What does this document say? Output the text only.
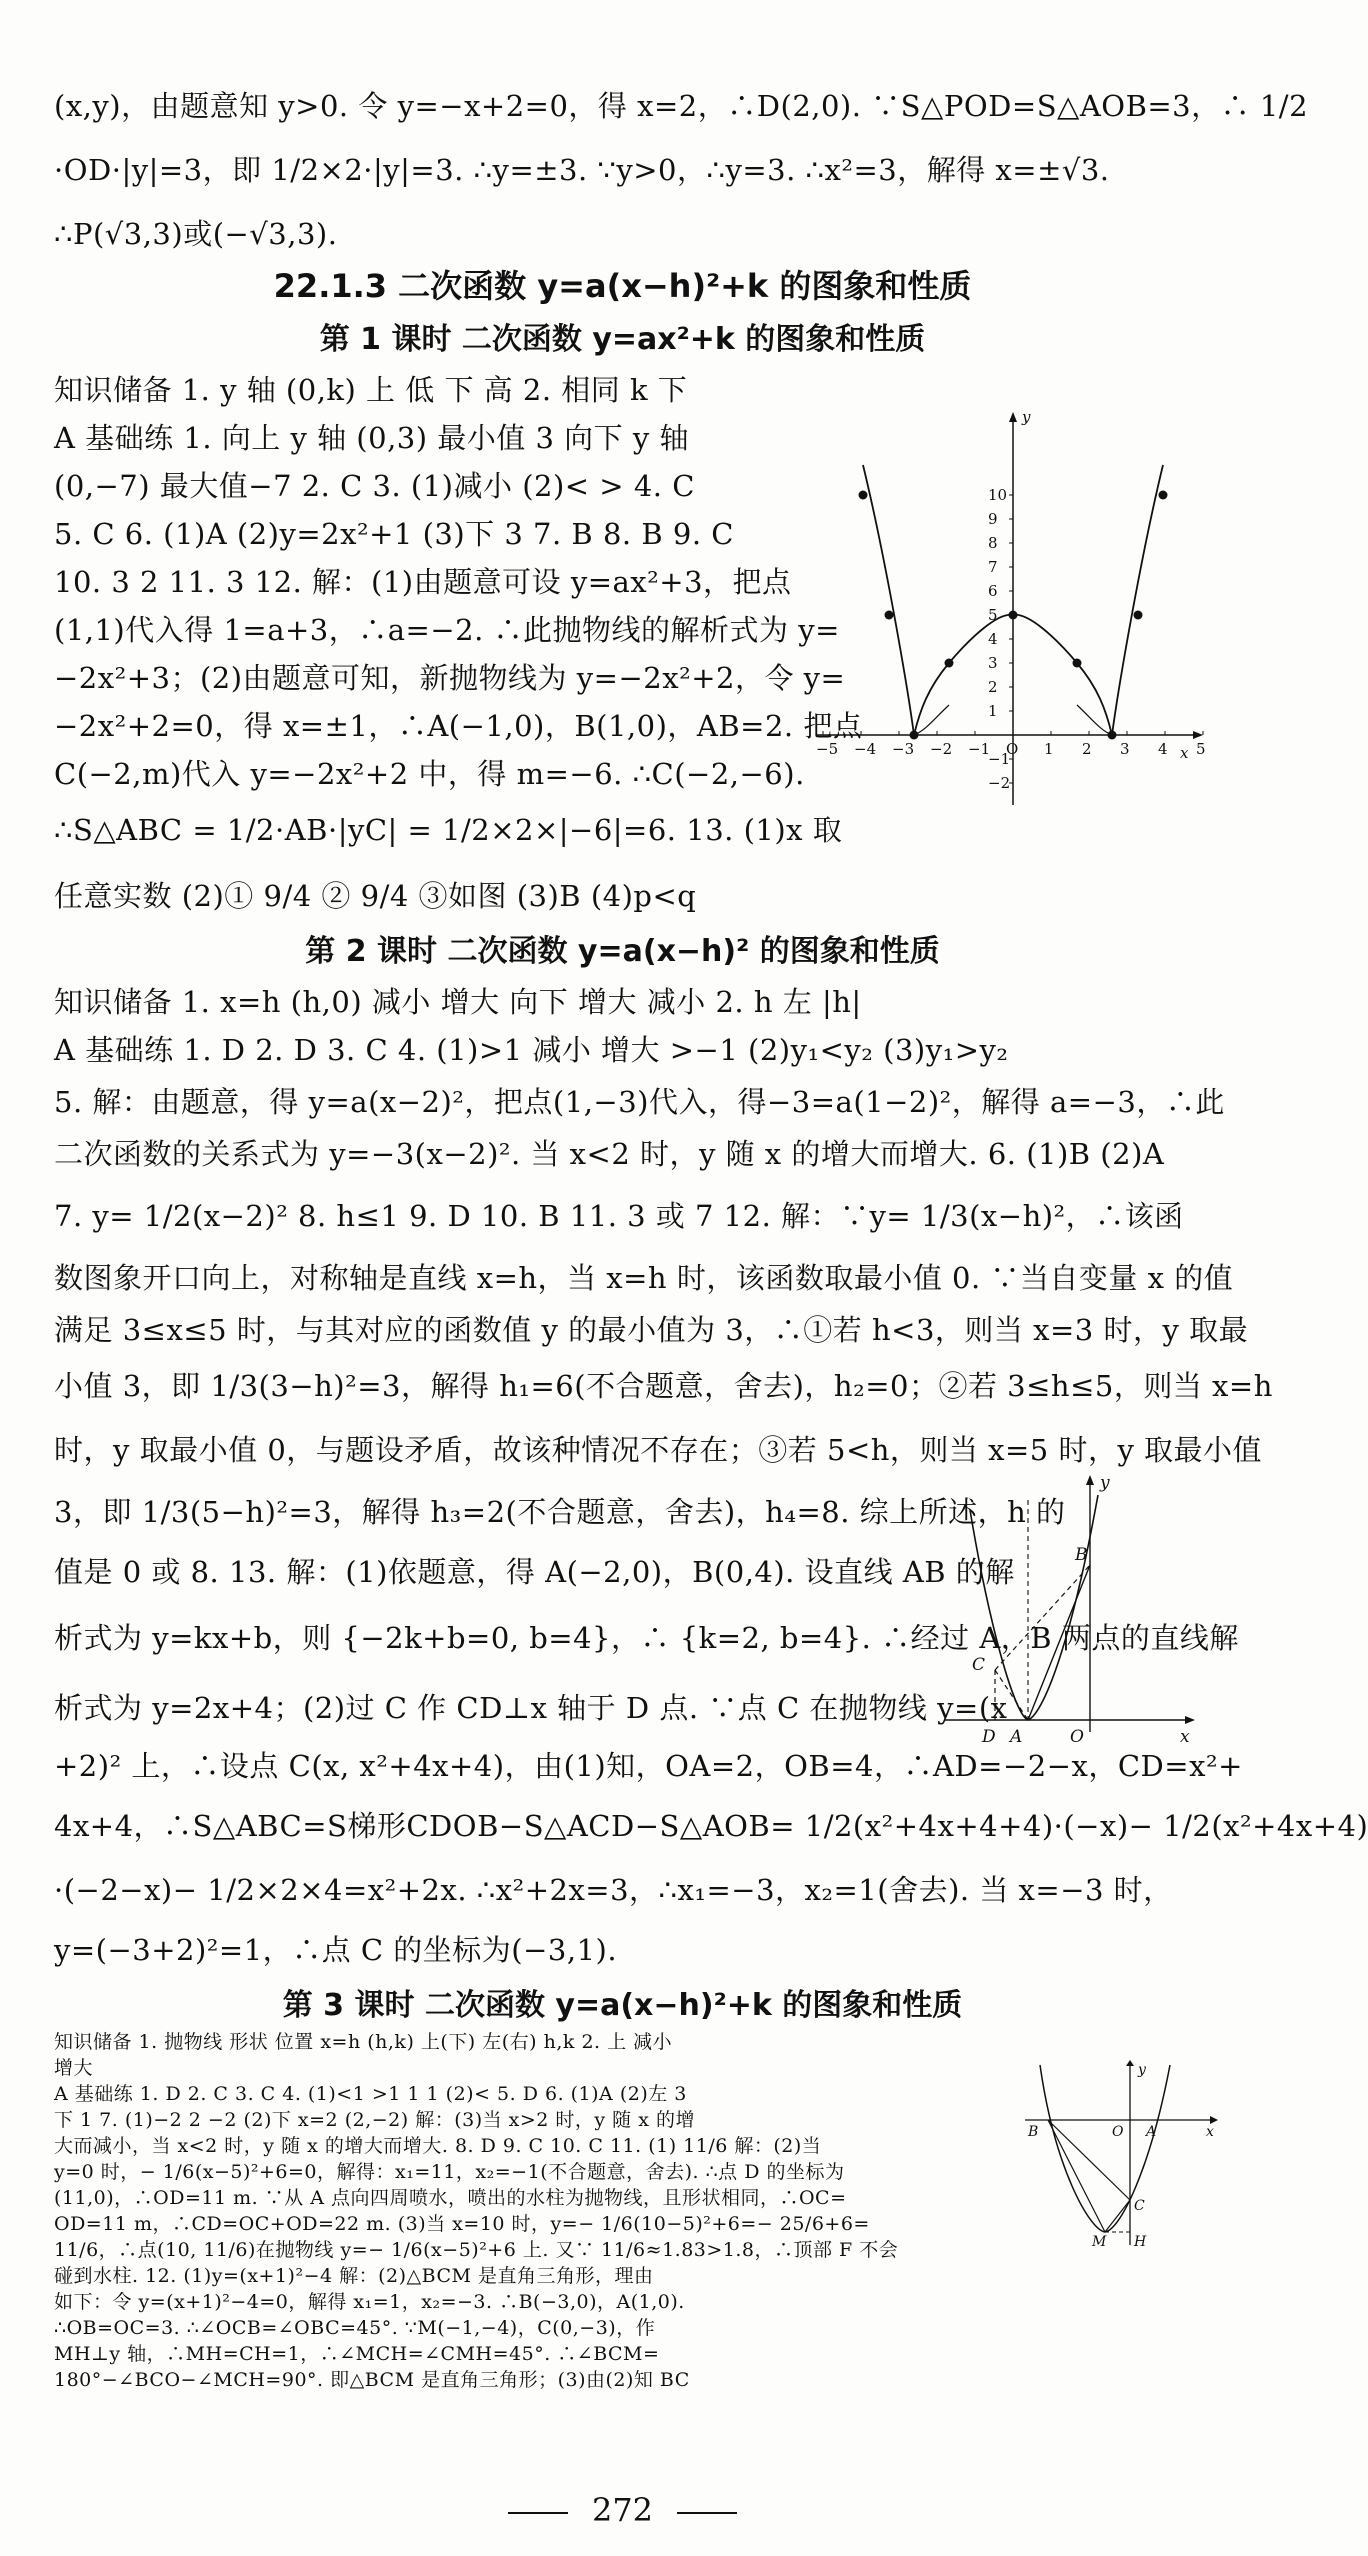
(x,y)，由题意知 y>0. 令 y=−x+2=0，得 x=2，∴D(2,0). ∵S△POD=S△AOB=3，∴ 1/2
·OD·|y|=3，即 1/2×2·|y|=3. ∴y=±3. ∵y>0，∴y=3. ∴x²=3，解得 x=±√3.
∴P(√3,3)或(−√3,3).
22.1.3 二次函数 y=a(x−h)²+k 的图象和性质
第 1 课时 二次函数 y=ax²+k 的图象和性质
知识储备 1. y 轴 (0,k) 上 低 下 高 2. 相同 k 下
A 基础练 1. 向上 y 轴 (0,3) 最小值 3 向下 y 轴
(0,−7) 最大值−7 2. C 3. (1)减小 (2)< > 4. C
5. C 6. (1)A (2)y=2x²+1 (3)下 3 7. B 8. B 9. C
10. 3 2 11. 3 12. 解：(1)由题意可设 y=ax²+3，把点
(1,1)代入得 1=a+3，∴a=−2. ∴此抛物线的解析式为 y=
−2x²+3；(2)由题意可知，新抛物线为 y=−2x²+2，令 y=
−2x²+2=0，得 x=±1，∴A(−1,0)，B(1,0)，AB=2. 把点
C(−2,m)代入 y=−2x²+2 中，得 m=−6. ∴C(−2,−6).
∴S△ABC = 1/2·AB·|yC| = 1/2×2×|−6|=6. 13. (1)x 取
任意实数 (2)① 9/4 ② 9/4 ③如图 (3)B (4)p<q
x
y
−5 −4 −3 −2 −1 O 1 2 3 4 5
10
9
8
7
6
5
4
3
2
1
−1
−2
第 2 课时 二次函数 y=a(x−h)² 的图象和性质
知识储备 1. x=h (h,0) 减小 增大 向下 增大 减小 2. h 左 |h|
A 基础练 1. D 2. D 3. C 4. (1)>1 减小 增大 >−1 (2)y₁<y₂ (3)y₁>y₂
5. 解：由题意，得 y=a(x−2)²，把点(1,−3)代入，得−3=a(1−2)²，解得 a=−3，∴此
二次函数的关系式为 y=−3(x−2)². 当 x<2 时，y 随 x 的增大而增大. 6. (1)B (2)A
7. y= 1/2(x−2)² 8. h≤1 9. D 10. B 11. 3 或 7 12. 解：∵y= 1/3(x−h)²，∴该函
数图象开口向上，对称轴是直线 x=h，当 x=h 时，该函数取最小值 0. ∵当自变量 x 的值
满足 3≤x≤5 时，与其对应的函数值 y 的最小值为 3，∴①若 h<3，则当 x=3 时，y 取最
小值 3，即 1/3(3−h)²=3，解得 h₁=6(不合题意，舍去)，h₂=0；②若 3≤h≤5，则当 x=h
时，y 取最小值 0，与题设矛盾，故该种情况不存在；③若 5<h，则当 x=5 时，y 取最小值
3，即 1/3(5−h)²=3，解得 h₃=2(不合题意，舍去)，h₄=8. 综上所述，h 的
值是 0 或 8. 13. 解：(1)依题意，得 A(−2,0)，B(0,4). 设直线 AB 的解
析式为 y=kx+b，则 {−2k+b=0, b=4}，∴ {k=2, b=4}. ∴经过 A，B 两点的直线解
析式为 y=2x+4；(2)过 C 作 CD⊥x 轴于 D 点. ∵点 C 在抛物线 y=(x
+2)² 上，∴设点 C(x, x²+4x+4)，由(1)知，OA=2，OB=4，∴AD=−2−x，CD=x²+
4x+4，∴S△ABC=S梯形CDOB−S△ACD−S△AOB= 1/2(x²+4x+4+4)·(−x)− 1/2(x²+4x+4)
·(−2−x)− 1/2×2×4=x²+2x. ∴x²+2x=3，∴x₁=−3，x₂=1(舍去). 当 x=−3 时，
y=(−3+2)²=1，∴点 C 的坐标为(−3,1).
y
B
C
D A	O	x
第 3 课时 二次函数 y=a(x−h)²+k 的图象和性质
272
知识储备 1. 抛物线 形状 位置 x=h (h,k) 上(下) 左(右) h,k 2. 上 减小
增大
A 基础练 1. D 2. C 3. C 4. (1)<1 >1 1 1 (2)< 5. D 6. (1)A (2)左 3
下 1 7. (1)−2 2 −2 (2)下 x=2 (2,−2) 解：(3)当 x>2 时，y 随 x 的增
大而减小，当 x<2 时，y 随 x 的增大而增大. 8. D 9. C 10. C 11. (1) 11/6 解：(2)当
y=0 时，− 1/6(x−5)²+6=0，解得：x₁=11，x₂=−1(不合题意，舍去). ∴点 D 的坐标为
(11,0)，∴OD=11 m. ∵从 A 点向四周喷水，喷出的水柱为抛物线，且形状相同，∴OC=
OD=11 m，∴CD=OC+OD=22 m. (3)当 x=10 时，y=− 1/6(10−5)²+6=− 25/6+6=
11/6，∴点(10, 11/6)在抛物线 y=− 1/6(x−5)²+6 上. 又∵ 11/6≈1.83>1.8，∴顶部 F 不会
碰到水柱. 12. (1)y=(x+1)²−4 解：(2)△BCM 是直角三角形，理由
如下：令 y=(x+1)²−4=0，解得 x₁=1，x₂=−3. ∴B(−3,0)，A(1,0).
∴OB=OC=3. ∴∠OCB=∠OBC=45°. ∵M(−1,−4)，C(0,−3)，作
MH⊥y 轴，∴MH=CH=1，∴∠MCH=∠CMH=45°. ∴∠BCM=
180°−∠BCO−∠MCH=90°. 即△BCM 是直角三角形；(3)由(2)知 BC
y
B	O A	x
C
M H
